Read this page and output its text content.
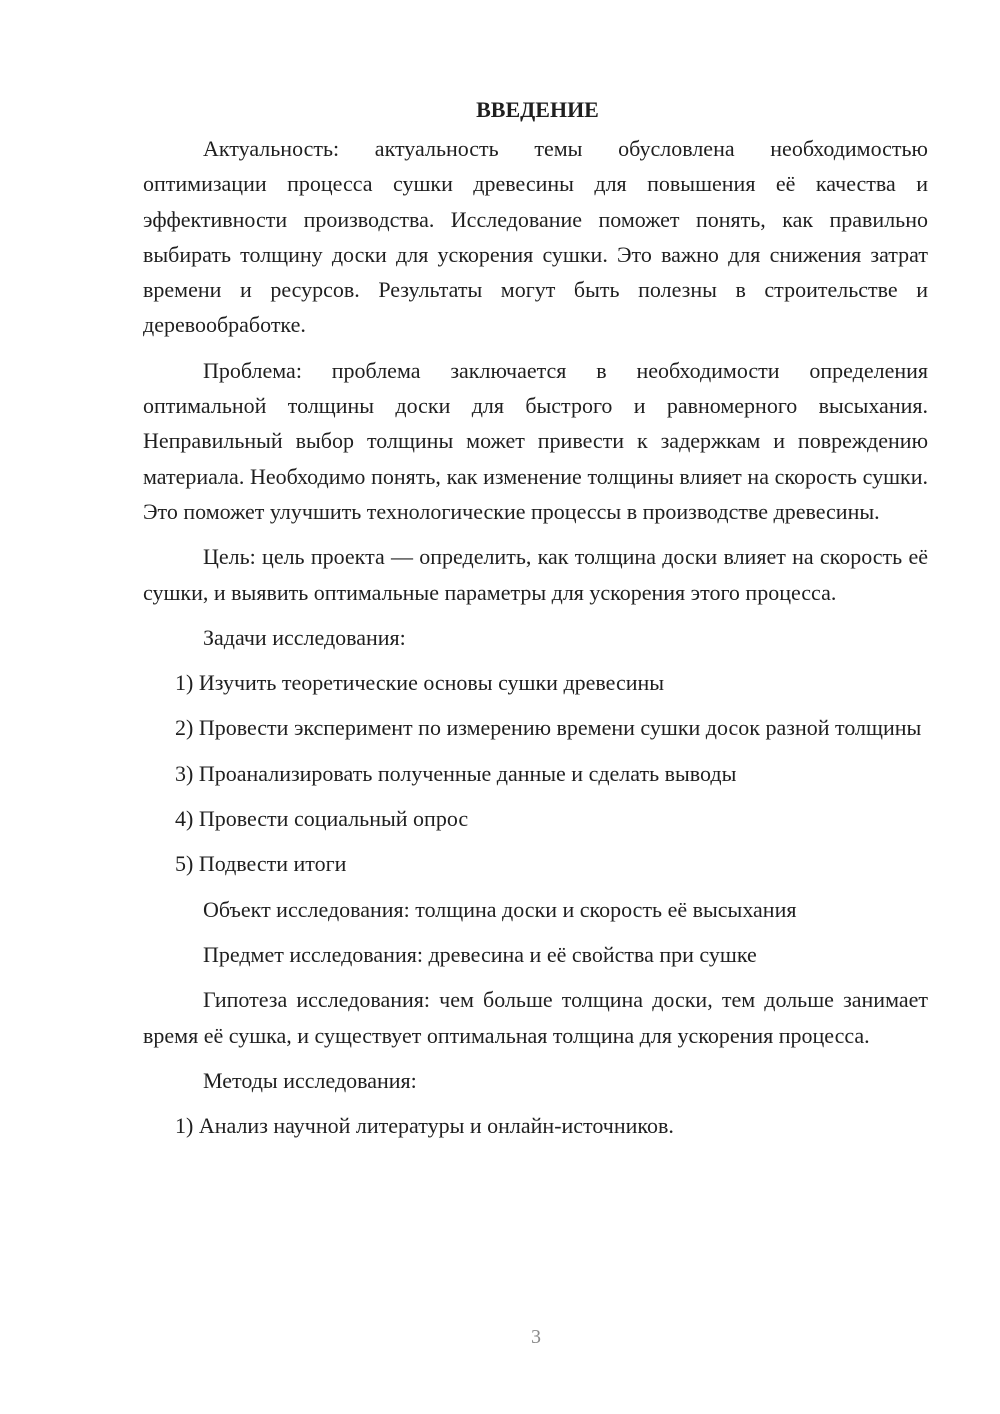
ВВЕДЕНИЕ

Актуальность: актуальность темы обусловлена необходимостью оптимизации процесса сушки древесины для повышения её качества и эффективности производства. Исследование поможет понять, как правильно выбирать толщину доски для ускорения сушки. Это важно для снижения затрат времени и ресурсов. Результаты могут быть полезны в строительстве и деревообработке.

Проблема: проблема заключается в необходимости определения оптимальной толщины доски для быстрого и равномерного высыхания. Неправильный выбор толщины может привести к задержкам и повреждению материала. Необходимо понять, как изменение толщины влияет на скорость сушки. Это поможет улучшить технологические процессы в производстве древесины.

Цель: цель проекта — определить, как толщина доски влияет на скорость её сушки, и выявить оптимальные параметры для ускорения этого процесса.

Задачи исследования:

1) Изучить теоретические основы сушки древесины

2) Провести эксперимент по измерению времени сушки досок разной толщины

3) Проанализировать полученные данные и сделать выводы

4) Провести социальный опрос

5) Подвести итоги

Объект исследования: толщина доски и скорость её высыхания

Предмет исследования: древесина и её свойства при сушке

Гипотеза исследования: чем больше толщина доски, тем дольше занимает время её сушка, и существует оптимальная толщина для ускорения процесса.

Методы исследования:

1) Анализ научной литературы и онлайн-источников.

3
